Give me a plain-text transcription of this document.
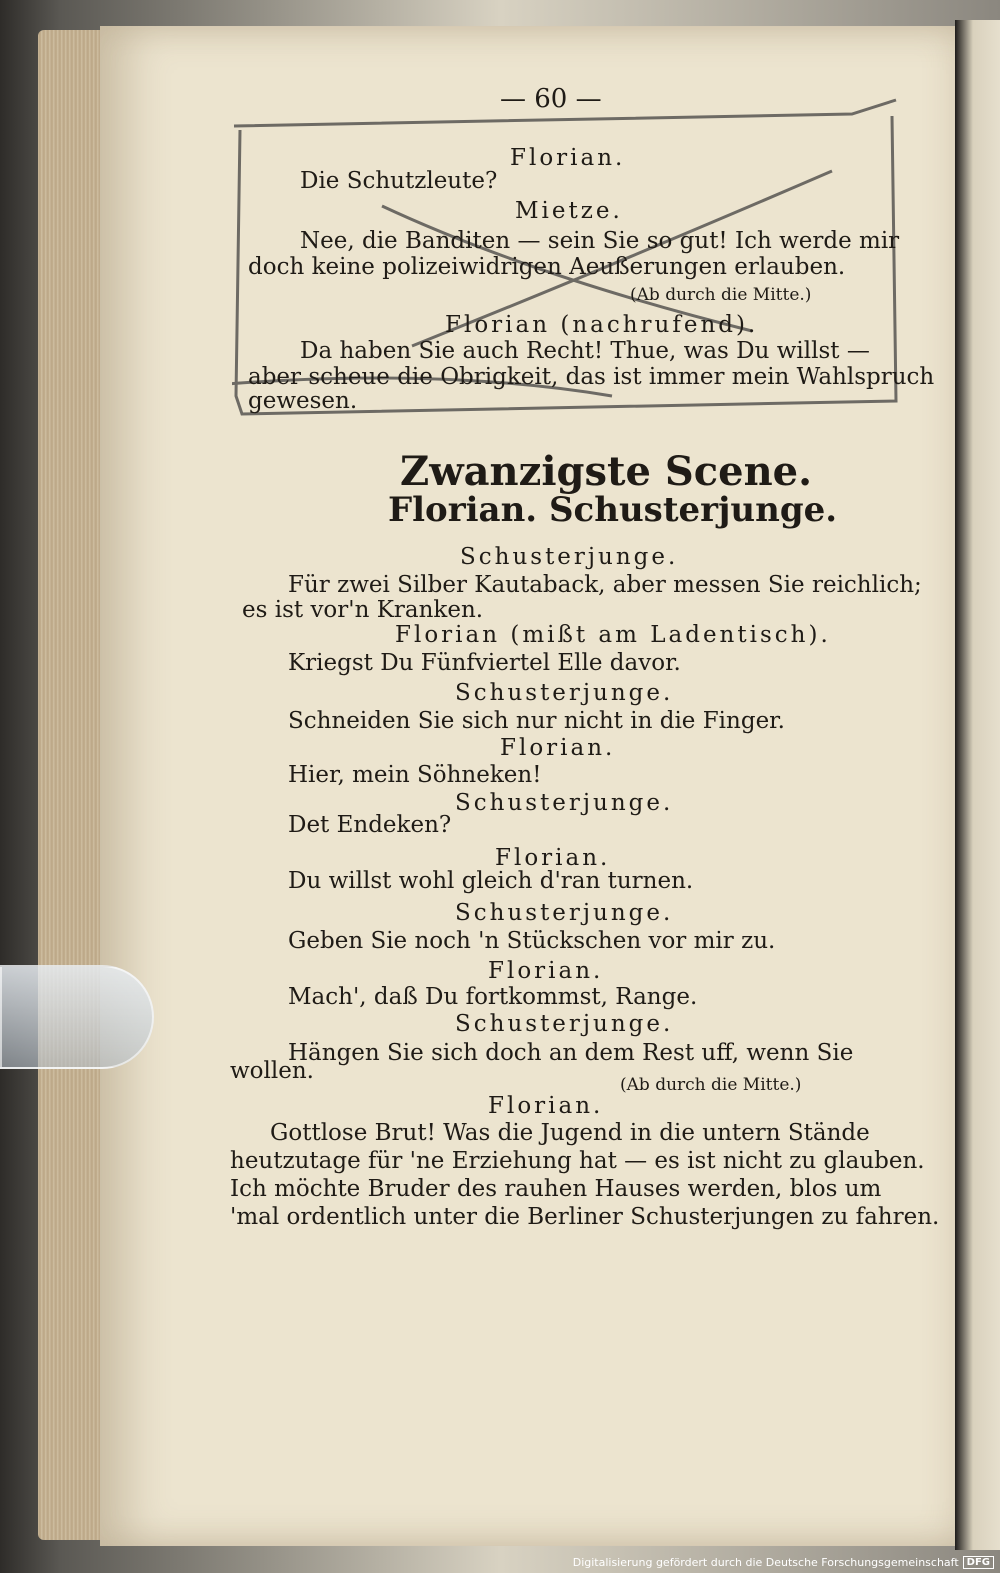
— 60 —
Florian.
Die Schutzleute?
Mietze.
Nee, die Banditen — sein Sie so gut! Ich werde mir
doch keine polizeiwidrigen Aeußerungen erlauben.
(Ab durch die Mitte.)
Florian (nachrufend).
Da haben Sie auch Recht! Thue, was Du willst —
aber scheue die Obrigkeit, das ist immer mein Wahlspruch
gewesen.
Zwanzigste Scene.
Florian. Schusterjunge.
Schusterjunge.
Für zwei Silber Kautaback, aber messen Sie reichlich;
es ist vor'n Kranken.
Florian (mißt am Ladentisch).
Kriegst Du Fünfviertel Elle davor.
Schusterjunge.
Schneiden Sie sich nur nicht in die Finger.
Florian.
Hier, mein Söhneken!
Schusterjunge.
Det Endeken?
Florian.
Du willst wohl gleich d'ran turnen.
Schusterjunge.
Geben Sie noch 'n Stückschen vor mir zu.
Florian.
Mach', daß Du fortkommst, Range.
Schusterjunge.
Hängen Sie sich doch an dem Rest uff, wenn Sie
wollen.
(Ab durch die Mitte.)
Florian.
Gottlose Brut! Was die Jugend in die untern Stände
heutzutage für 'ne Erziehung hat — es ist nicht zu glauben.
Ich möchte Bruder des rauhen Hauses werden, blos um
'mal ordentlich unter die Berliner Schusterjungen zu fahren.
Digitalisierung gefördert durch die Deutsche Forschungsgemeinschaft DFG
